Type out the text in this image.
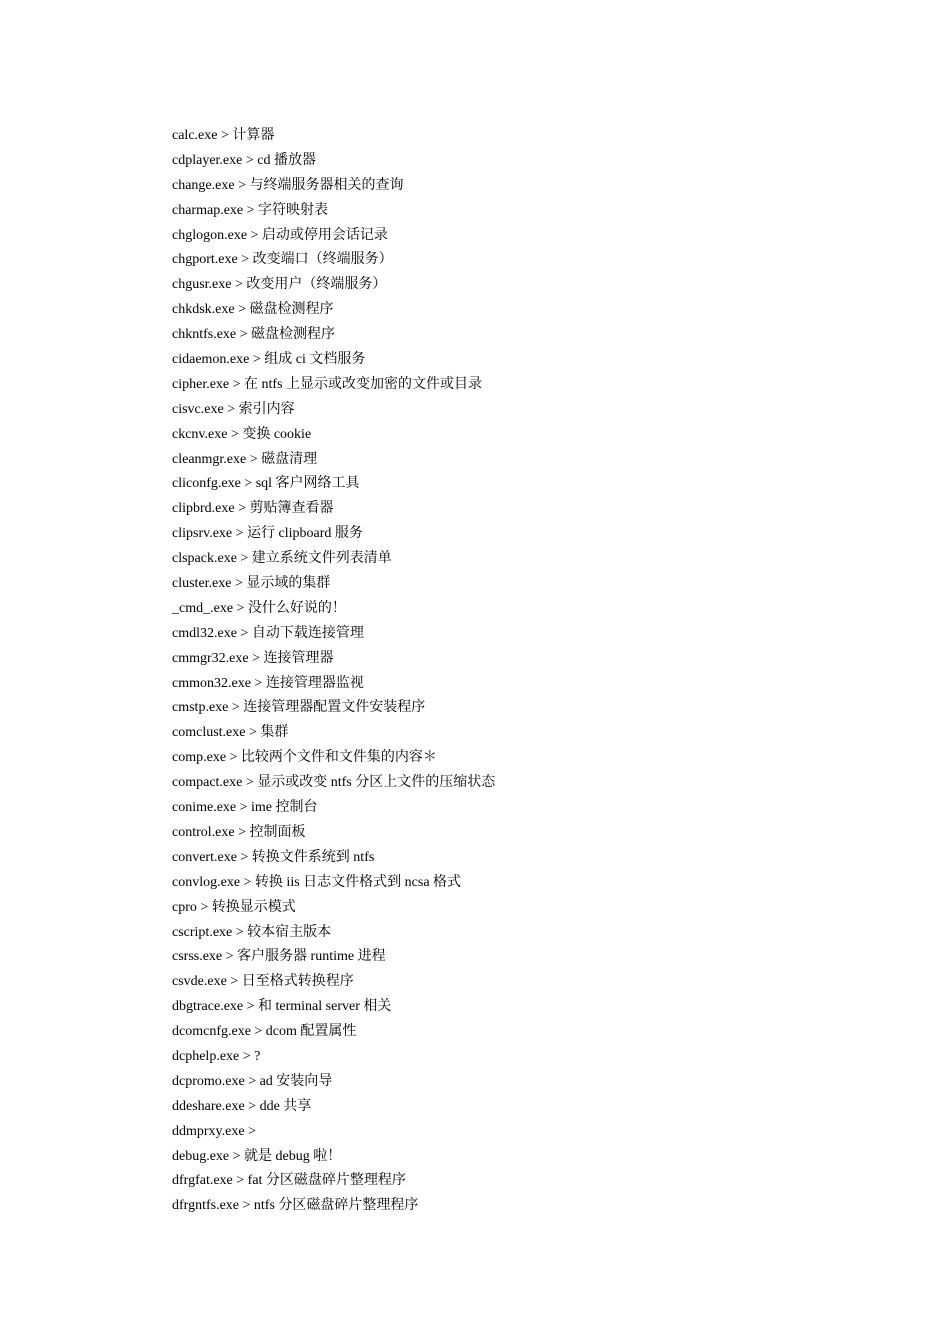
calc.exe > 计算器
cdplayer.exe > cd 播放器
change.exe > 与终端服务器相关的查询
charmap.exe > 字符映射表
chglogon.exe > 启动或停用会话记录
chgport.exe > 改变端口（终端服务）
chgusr.exe > 改变用户（终端服务）
chkdsk.exe > 磁盘检测程序
chkntfs.exe > 磁盘检测程序
cidaemon.exe > 组成 ci 文档服务
cipher.exe > 在 ntfs 上显示或改变加密的文件或目录
cisvc.exe > 索引内容
ckcnv.exe > 变换 cookie
cleanmgr.exe > 磁盘清理
cliconfg.exe > sql 客户网络工具
clipbrd.exe > 剪贴簿查看器
clipsrv.exe > 运行 clipboard 服务
clspack.exe > 建立系统文件列表清单
cluster.exe > 显示域的集群
_cmd_.exe > 没什么好说的！
cmdl32.exe > 自动下载连接管理
cmmgr32.exe > 连接管理器
cmmon32.exe > 连接管理器监视
cmstp.exe > 连接管理器配置文件安装程序
comclust.exe > 集群
comp.exe > 比较两个文件和文件集的内容＊
compact.exe > 显示或改变 ntfs 分区上文件的压缩状态
conime.exe > ime 控制台
control.exe > 控制面板
convert.exe > 转换文件系统到 ntfs
convlog.exe > 转换 iis 日志文件格式到 ncsa 格式
cpro > 转换显示模式
cscript.exe > 较本宿主版本
csrss.exe > 客户服务器 runtime 进程
csvde.exe > 日至格式转换程序
dbgtrace.exe > 和 terminal server 相关
dcomcnfg.exe > dcom 配置属性
dcphelp.exe > ?
dcpromo.exe > ad 安装向导
ddeshare.exe > dde 共享
ddmprxy.exe >
debug.exe > 就是 debug 啦！
dfrgfat.exe > fat 分区磁盘碎片整理程序
dfrgntfs.exe > ntfs 分区磁盘碎片整理程序
